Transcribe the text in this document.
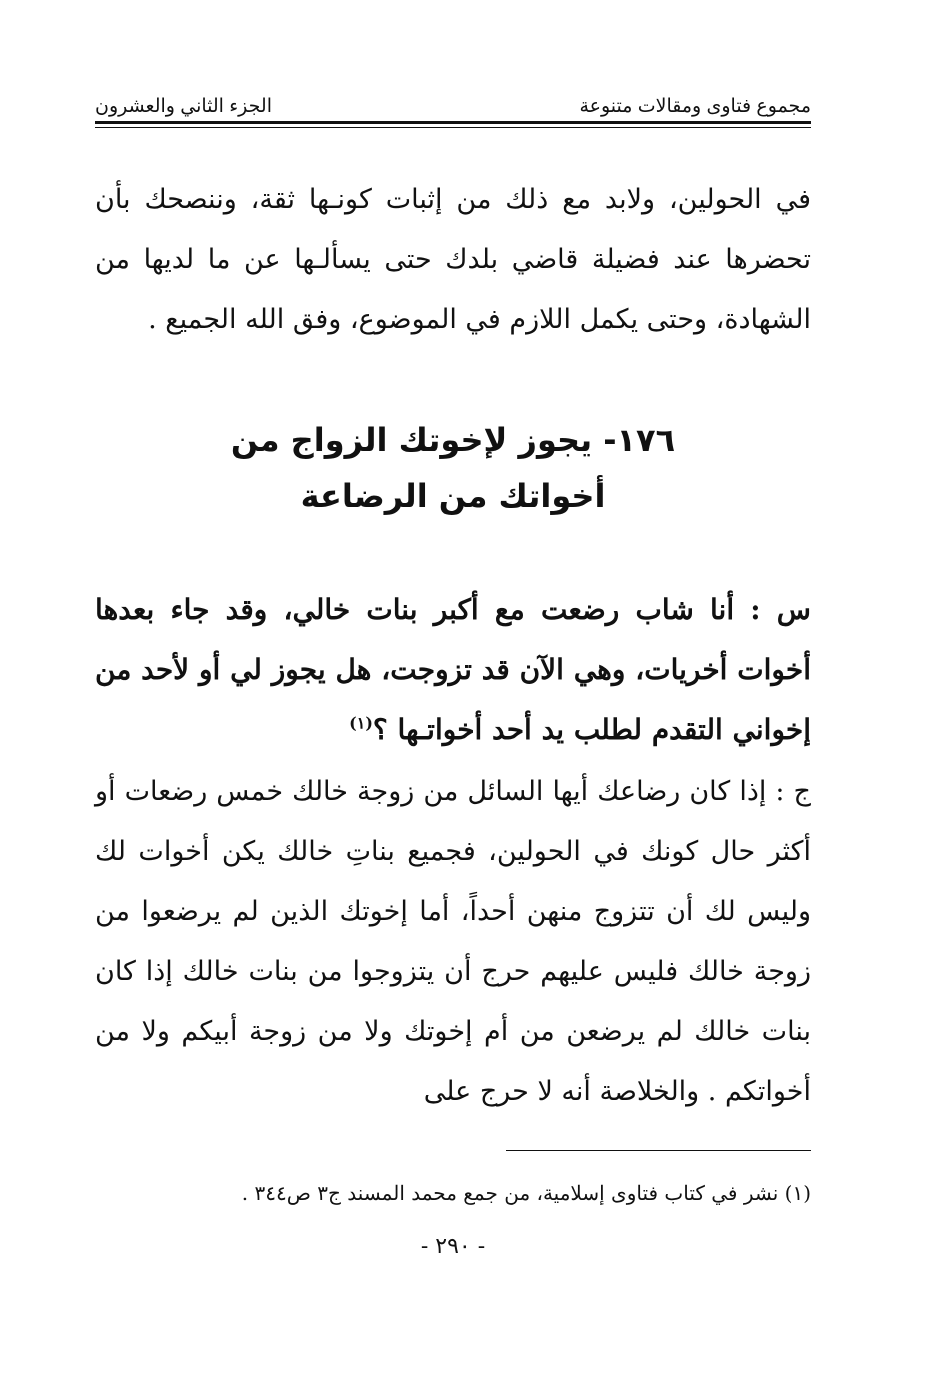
مجموع فتاوى ومقالات متنوعة
الجزء الثاني والعشرون

في الحولين، ولابد مع ذلك من إثبات كونـها ثقة، وننصحك بأن تحضرها عند فضيلة قاضي بلدك حتى يسألـها عن ما لديها من الشهادة، وحتى يكمل اللازم في الموضوع، وفق الله الجميع .

١٧٦- يجوز لإخوتك الزواج من
أخواتك من الرضاعة

س : أنا شاب رضعت مع أكبر بنات خالي، وقد جاء بعدها أخوات أخريات، وهي الآن قد تزوجت، هل يجوز لي أو لأحد من إخواني التقدم لطلب يد أحد أخواتـها ؟$^{(١)}$

ج : إذا كان رضاعك أيها السائل من زوجة خالك خمس رضعات أو أكثر حال كونك في الحولين، فجميع بناتِ خالك يكن أخوات لك وليس لك أن تتزوج منهن أحداً، أما إخوتك الذين لم يرضعوا من زوجة خالك فليس عليهم حرج أن يتزوجوا من بنات خالك إذا كان بنات خالك لم يرضعن من أم إخوتك ولا من زوجة أبيكم ولا من أخواتكم . والخلاصة أنه لا حرج على

(١) نشر في كتاب فتاوى إسلامية، من جمع محمد المسند ج٣ ص٣٤٤ .
- ٢٩٠ -
